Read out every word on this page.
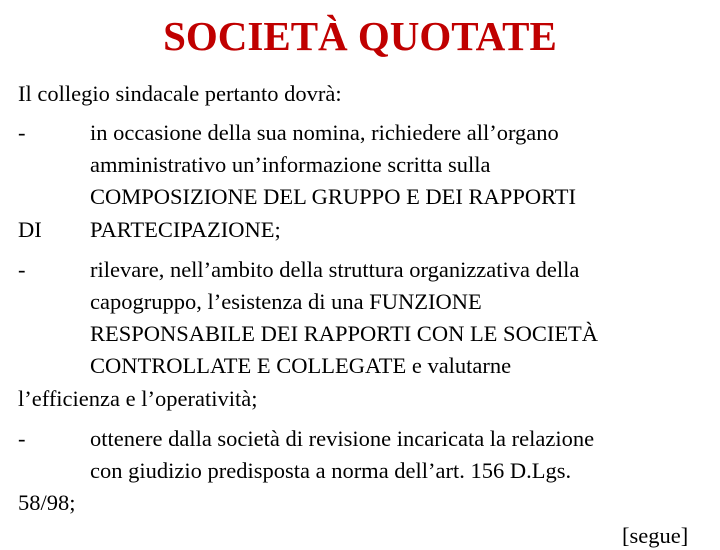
SOCIETÀ QUOTATE
Il collegio sindacale pertanto dovrà:
-	in occasione della sua nomina, richiedere all’organo
amministrativo un’informazione scritta sulla
COMPOSIZIONE DEL GRUPPO E DEI RAPPORTI
DI PARTECIPAZIONE;
-	rilevare, nell’ambito della struttura organizzativa della
capogruppo, l’esistenza di una FUNZIONE
RESPONSABILE DEI RAPPORTI CON LE SOCIETÀ
CONTROLLATE E COLLEGATE e valutarne
l’efficienza e l’operatività;
-	ottenere dalla società di revisione incaricata la relazione
con giudizio predisposta a norma dell’art. 156 D.Lgs.
58/98;
[segue]
